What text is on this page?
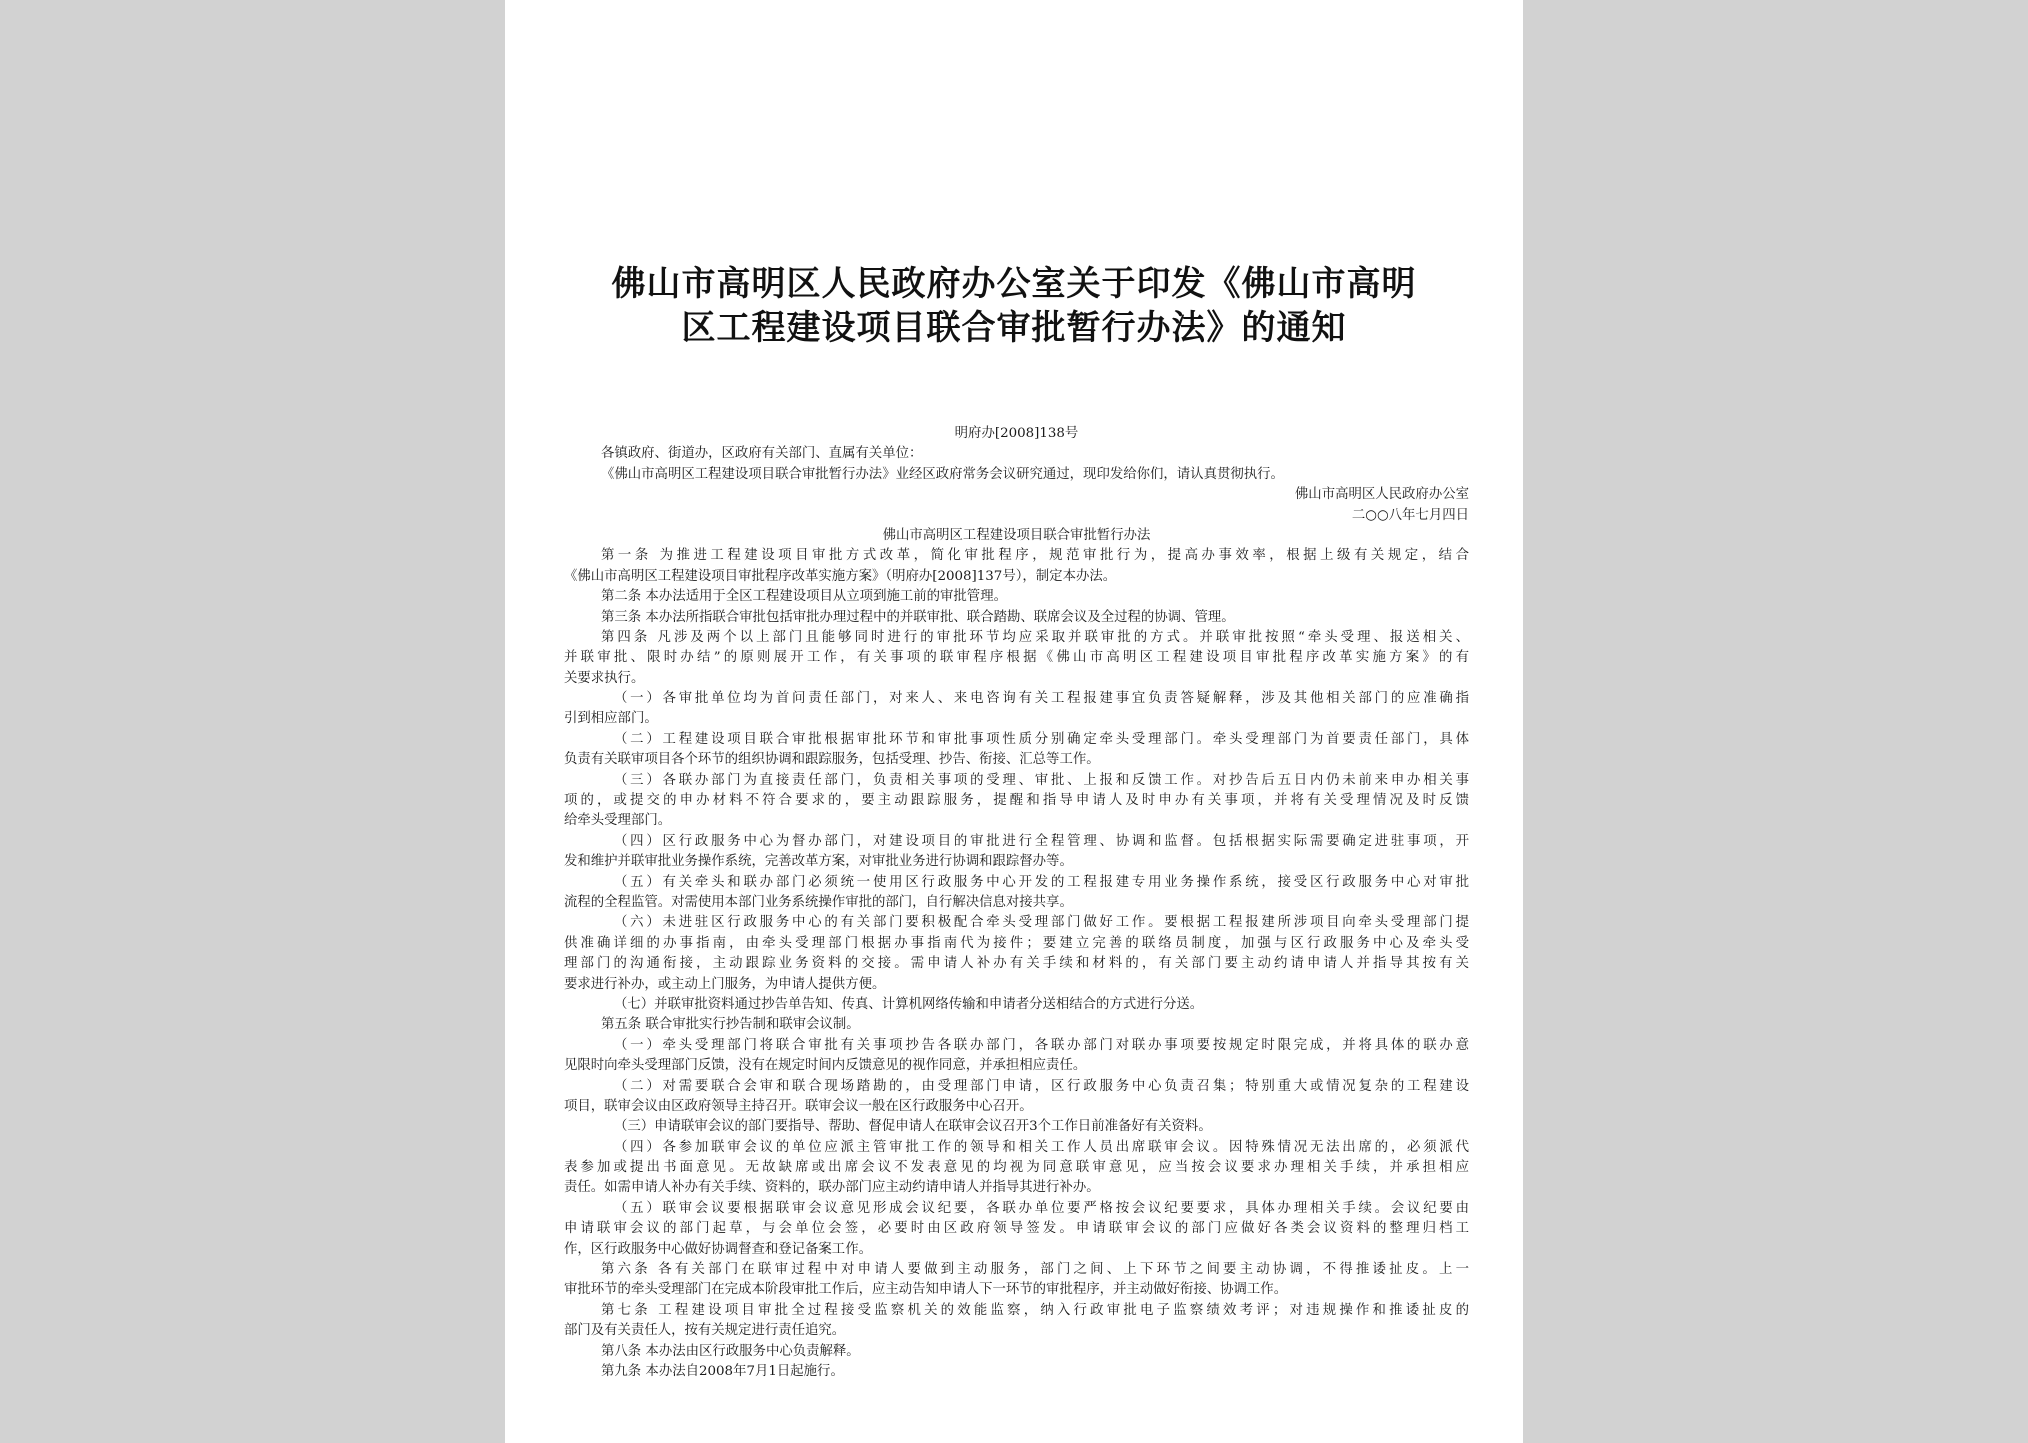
佛山市高明区人民政府办公室关于印发《佛山市高明
区工程建设项目联合审批暂行办法》的通知
明府办[2008]138号
各镇政府、街道办，区政府有关部门、直属有关单位：
《佛山市高明区工程建设项目联合审批暂行办法》业经区政府常务会议研究通过，现印发给你们，请认真贯彻执行。
佛山市高明区人民政府办公室
二○○八年七月四日
佛山市高明区工程建设项目联合审批暂行办法
第一条 为推进工程建设项目审批方式改革，简化审批程序，规范审批行为，提高办事效率，根据上级有关规定，结合
《佛山市高明区工程建设项目审批程序改革实施方案》（明府办[2008]137号），制定本办法。
第二条 本办法适用于全区工程建设项目从立项到施工前的审批管理。
第三条 本办法所指联合审批包括审批办理过程中的并联审批、联合踏勘、联席会议及全过程的协调、管理。
第四条 凡涉及两个以上部门且能够同时进行的审批环节均应采取并联审批的方式。并联审批按照“牵头受理、报送相关、
并联审批、限时办结”的原则展开工作，有关事项的联审程序根据《佛山市高明区工程建设项目审批程序改革实施方案》的有
关要求执行。
（一）各审批单位均为首问责任部门，对来人、来电咨询有关工程报建事宜负责答疑解释，涉及其他相关部门的应准确指
引到相应部门。
（二）工程建设项目联合审批根据审批环节和审批事项性质分别确定牵头受理部门。牵头受理部门为首要责任部门，具体
负责有关联审项目各个环节的组织协调和跟踪服务，包括受理、抄告、衔接、汇总等工作。
（三）各联办部门为直接责任部门，负责相关事项的受理、审批、上报和反馈工作。对抄告后五日内仍未前来申办相关事
项的，或提交的申办材料不符合要求的，要主动跟踪服务，提醒和指导申请人及时申办有关事项，并将有关受理情况及时反馈
给牵头受理部门。
（四）区行政服务中心为督办部门，对建设项目的审批进行全程管理、协调和监督。包括根据实际需要确定进驻事项，开
发和维护并联审批业务操作系统，完善改革方案，对审批业务进行协调和跟踪督办等。
（五）有关牵头和联办部门必须统一使用区行政服务中心开发的工程报建专用业务操作系统，接受区行政服务中心对审批
流程的全程监管。对需使用本部门业务系统操作审批的部门，自行解决信息对接共享。
（六）未进驻区行政服务中心的有关部门要积极配合牵头受理部门做好工作。要根据工程报建所涉项目向牵头受理部门提
供准确详细的办事指南，由牵头受理部门根据办事指南代为接件；要建立完善的联络员制度，加强与区行政服务中心及牵头受
理部门的沟通衔接，主动跟踪业务资料的交接。需申请人补办有关手续和材料的，有关部门要主动约请申请人并指导其按有关
要求进行补办，或主动上门服务，为申请人提供方便。
（七）并联审批资料通过抄告单告知、传真、计算机网络传输和申请者分送相结合的方式进行分送。
第五条 联合审批实行抄告制和联审会议制。
（一）牵头受理部门将联合审批有关事项抄告各联办部门，各联办部门对联办事项要按规定时限完成，并将具体的联办意
见限时向牵头受理部门反馈，没有在规定时间内反馈意见的视作同意，并承担相应责任。
（二）对需要联合会审和联合现场踏勘的，由受理部门申请，区行政服务中心负责召集；特别重大或情况复杂的工程建设
项目，联审会议由区政府领导主持召开。联审会议一般在区行政服务中心召开。
（三）申请联审会议的部门要指导、帮助、督促申请人在联审会议召开3个工作日前准备好有关资料。
（四）各参加联审会议的单位应派主管审批工作的领导和相关工作人员出席联审会议。因特殊情况无法出席的，必须派代
表参加或提出书面意见。无故缺席或出席会议不发表意见的均视为同意联审意见，应当按会议要求办理相关手续，并承担相应
责任。如需申请人补办有关手续、资料的，联办部门应主动约请申请人并指导其进行补办。
（五）联审会议要根据联审会议意见形成会议纪要，各联办单位要严格按会议纪要要求，具体办理相关手续。会议纪要由
申请联审会议的部门起草，与会单位会签，必要时由区政府领导签发。申请联审会议的部门应做好各类会议资料的整理归档工
作，区行政服务中心做好协调督查和登记备案工作。
第六条 各有关部门在联审过程中对申请人要做到主动服务，部门之间、上下环节之间要主动协调，不得推诿扯皮。上一
审批环节的牵头受理部门在完成本阶段审批工作后，应主动告知申请人下一环节的审批程序，并主动做好衔接、协调工作。
第七条 工程建设项目审批全过程接受监察机关的效能监察，纳入行政审批电子监察绩效考评；对违规操作和推诿扯皮的
部门及有关责任人，按有关规定进行责任追究。
第八条 本办法由区行政服务中心负责解释。
第九条 本办法自2008年7月1日起施行。
